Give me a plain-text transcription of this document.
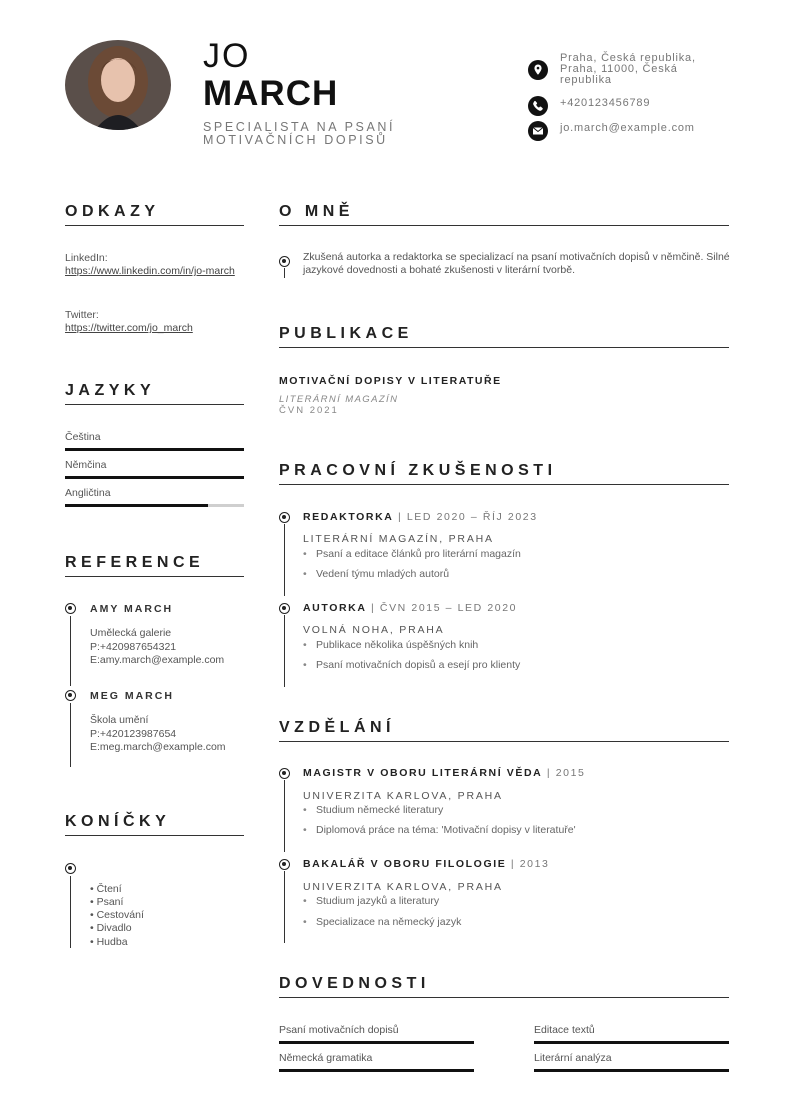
JO
MARCH
SPECIALISTA NA PSANÍ MOTIVAČNÍCH DOPISŮ
Praha, Česká republika, Praha, 11000, Česká republika
+420123456789
jo.march@example.com
ODKAZY
LinkedIn:
https://www.linkedin.com/in/jo-march
Twitter:
https://twitter.com/jo_march
JAZYKY
Čeština
Němčina
Angličtina
REFERENCE
AMY MARCH
Umělecká galerie
P:+420987654321
E:amy.march@example.com
MEG MARCH
Škola umění
P:+420123987654
E:meg.march@example.com
KONÍČKY
• Čtení
• Psaní
• Cestování
• Divadlo
• Hudba
O MNĚ
Zkušená autorka a redaktorka se specializací na psaní motivačních dopisů v němčině. Silné jazykové dovednosti a bohaté zkušenosti v literární tvorbě.
PUBLIKACE
MOTIVAČNÍ DOPISY V LITERATUŘE
LITERÁRNÍ MAGAZÍN
ČVN 2021
PRACOVNÍ ZKUŠENOSTI
REDAKTORKA | LED 2020 – ŘÍJ 2023
LITERÁRNÍ MAGAZÍN, PRAHA
• Psaní a editace článků pro literární magazín
• Vedení týmu mladých autorů
AUTORKA | ČVN 2015 – LED 2020
VOLNÁ NOHA, PRAHA
• Publikace několika úspěšných knih
• Psaní motivačních dopisů a esejí pro klienty
VZDĚLÁNÍ
MAGISTR V OBORU LITERÁRNÍ VĚDA | 2015
UNIVERZITA KARLOVA, PRAHA
• Studium německé literatury
• Diplomová práce na téma: 'Motivační dopisy v literatuře'
BAKALÁŘ V OBORU FILOLOGIE | 2013
UNIVERZITA KARLOVA, PRAHA
• Studium jazyků a literatury
• Specializace na německý jazyk
DOVEDNOSTI
Psaní motivačních dopisů	Editace textů
Německá gramatika	Literární analýza
